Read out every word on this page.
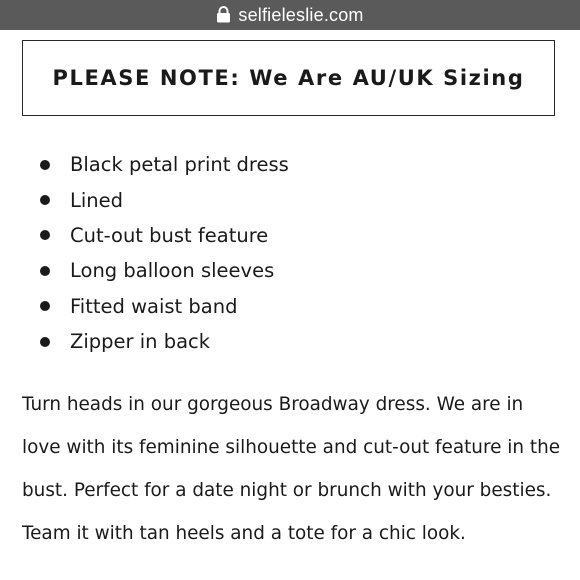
selfieleslie.com
PLEASE NOTE: We Are AU/UK Sizing
Black petal print dress
Lined
Cut-out bust feature
Long balloon sleeves
Fitted waist band
Zipper in back

Turn heads in our gorgeous Broadway dress. We are in
love with its feminine silhouette and cut-out feature in the
bust. Perfect for a date night or brunch with your besties.
Team it with tan heels and a tote for a chic look.
